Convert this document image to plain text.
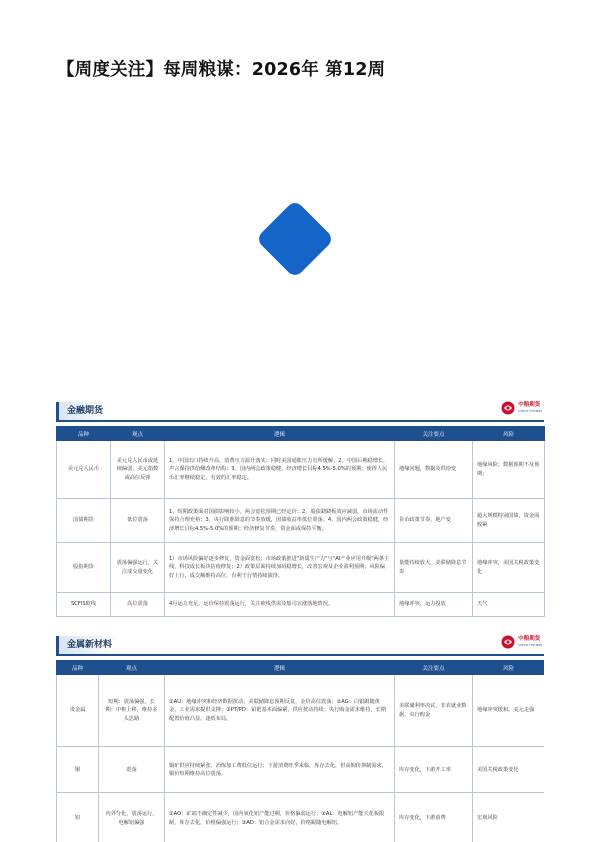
【周度关注】每周粮谋：2026年 第12周
金融期货
中粮期货
COFCO FUTURES
品种	观点	逻辑	关注要点	风险
美元兑人民币	美元兑人民币或延续偏弱，美元指数或高位反弹	1、中国出口持续升高，消费压力温升落实；同时美国通胀压力有所缓解；2、中国后期稳增长，声言保持供给侧改革结构；3、国内两会政策稳健，经济增长目标4.5%-5.0%的预期；使得人民币汇率继续稳定，有效的汇率稳定。	地缘问题，数据及供给变	地缘风险；数据预期不及预期；
国债期货	低位震荡	1、短期政策面对国债影响较小，两会宽松预期已经定价；2、股债跷跷板效应减弱，市场流动性保持合理充裕；3、央行降准降息的节奏放缓，国债收益率低位震荡；4、国内两会政策稳健，经济增长目标4.5%-5.0%的预期；经济修复节奏，资金面或保持平衡。	货币政策节奏，地产变	超大规模特别国债，资金面收紧
股指期货	震荡偏强运行，关注成交量变化	1）市场风险偏好逐步修复，资金面宽松；市场政策推进"新质生产力"与"AI产业应用升级"两条主线，科技成长板块估值修复；2）政策层面持续加码稳增长，改善宏观及企业盈利预期；风险偏好上行，成交额维持高位，有利于行情持续演绎。	量能持续放大，美联储降息节奏	地缘冲突，美国关税政策变化
SCFIS欧线	高位震荡	4月运力充足，运价保持震荡运行，关注欧线供需及船司宣涨落地情况。	地缘冲突，运力投放	天气
金属新材料
中粮期货
COFCO FUTURES
品种	观点	逻辑	关注要点	风险
贵金属	短期：震荡偏强，长期：中枢上移，维持多头思路	①AU：地缘冲突和经济数据扰动，美联储降息预期反复，金价高位震荡；②AG：白银跟随黄金，工业需求提供支撑；③PT/PD：铂钯基本面偏紧，供应扰动持续；央行购金需求维持，长期配置价值凸显，逢低布局。	美联储利率决议，非农就业数据，央行购金	地缘冲突缓和，美元走强
铜	震荡	铜矿供应持续紧张，冶炼加工费低位运行；下游消费旺季来临，库存去化，但高铜价抑制需求，铜价短期维持高位震荡。	库存变化，下游开工率	美国关税政策变化
铝	内外分化，震荡运行，电解铝偏强	①AO：矿端不确定性减少，国内氧化铝产能过剩，价格偏弱运行；②AL：电解铝产能天花板限制，库存去化，价格偏强运行；③AD：铝合金需求向好，价格跟随电解铝。	库存变化，下游消费	宏观风险
